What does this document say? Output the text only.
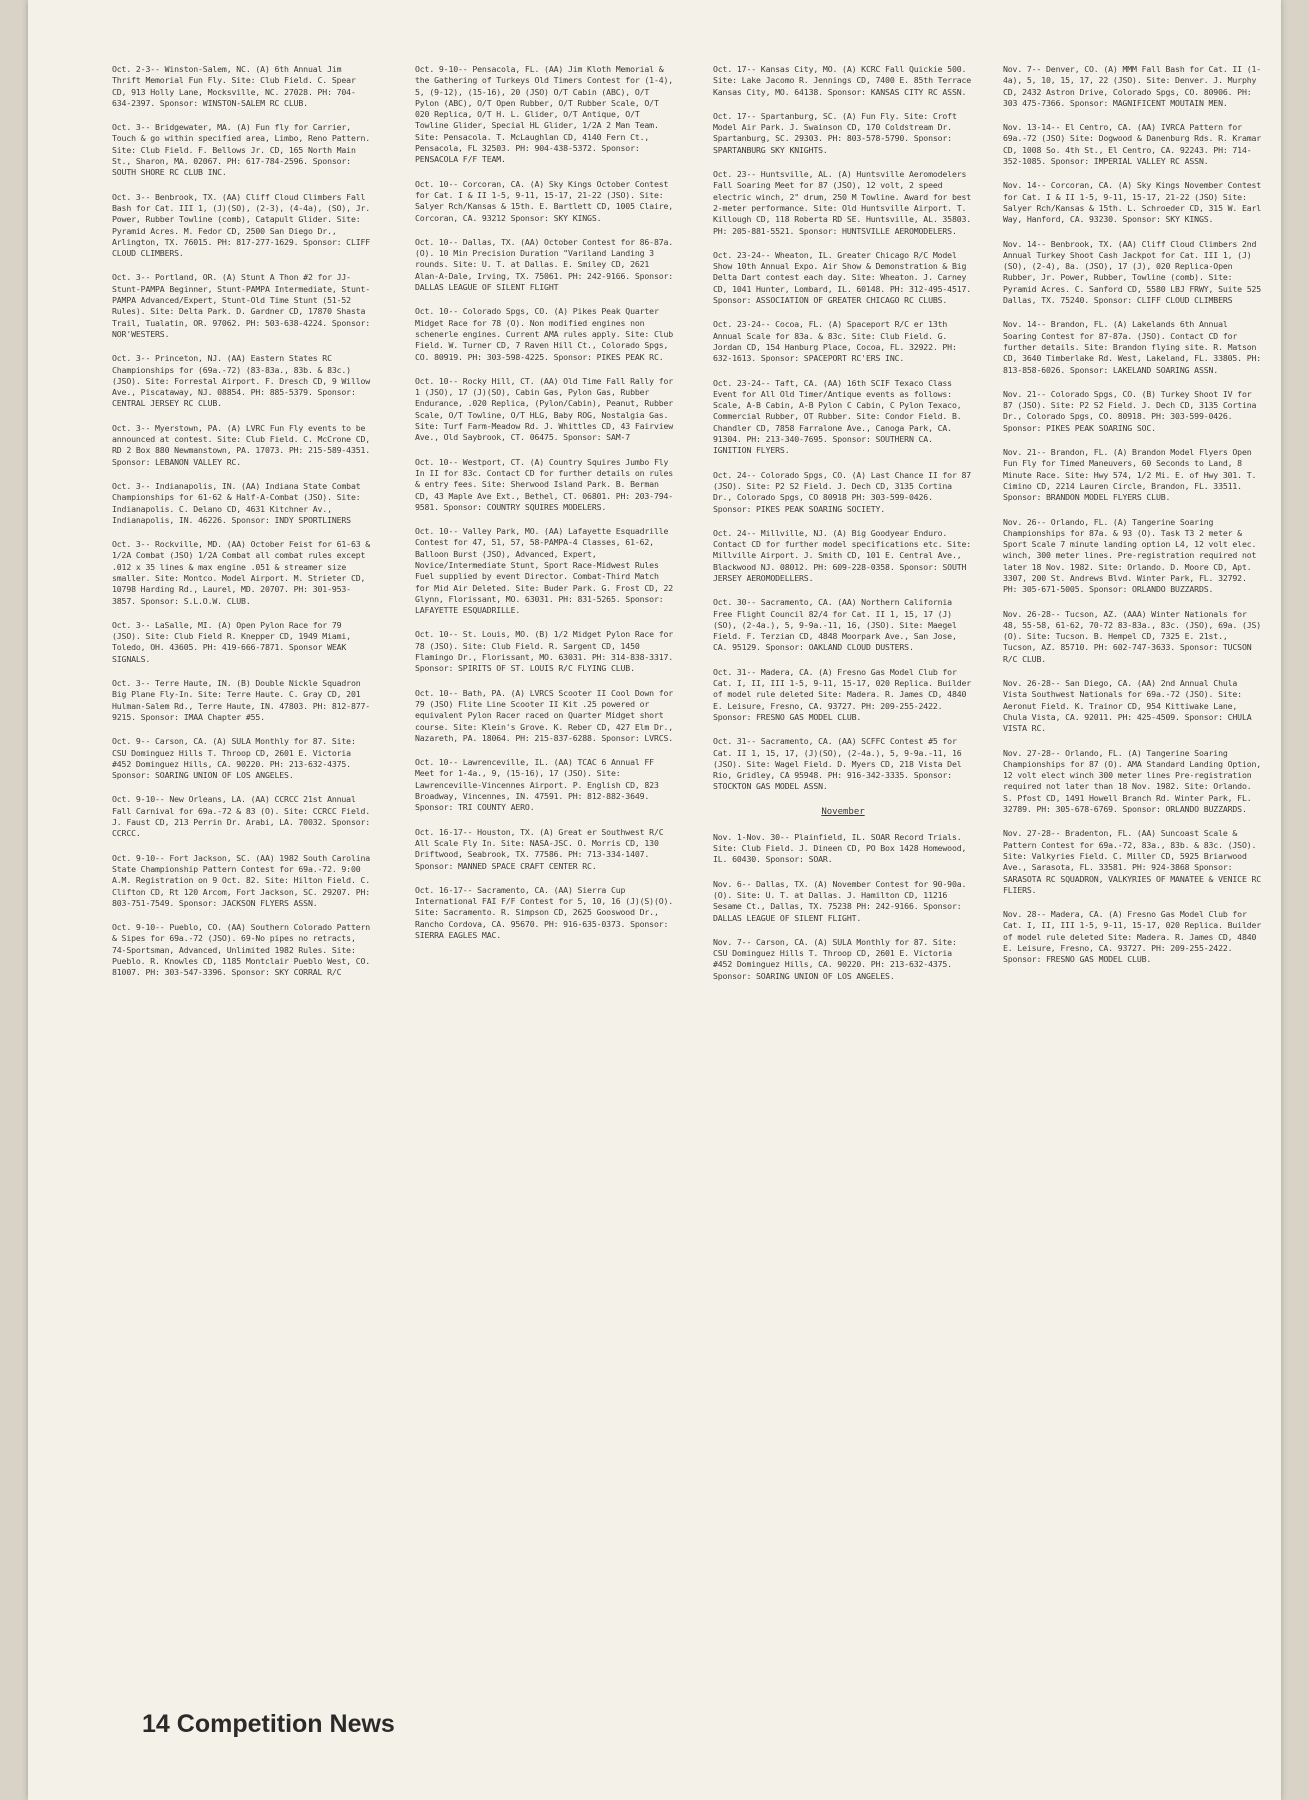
Oct. 2-3-- Winston-Salem, NC. (A) 6th Annual Jim Thrift Memorial Fun Fly. Site: Club Field. C. Spear CD, 913 Holly Lane, Mocksville, NC. 27028. PH: 704-634-2397. Sponsor: WINSTON-SALEM RC CLUB.

Oct. 3-- Bridgewater, MA. (A) Fun fly for Carrier, Touch & go within specified area, Limbo, Reno Pattern. Site: Club Field. F. Bellows Jr. CD, 165 North Main St., Sharon, MA. 02067. PH: 617-784-2596. Sponsor: SOUTH SHORE RC CLUB INC.

Oct. 3-- Benbrook, TX. (AA) Cliff Cloud Climbers Fall Bash for Cat. III 1, (J)(SO), (2-3), (4-4a), (SO), Jr. Power, Rubber Towline (comb), Catapult Glider. Site: Pyramid Acres. M. Fedor CD, 2500 San Diego Dr., Arlington, TX. 76015. PH: 817-277-1629. Sponsor: CLIFF CLOUD CLIMBERS.

Oct. 3-- Portland, OR. (A) Stunt A Thon #2 for JJ-Stunt-PAMPA Beginner, Stunt-PAMPA Intermediate, Stunt-PAMPA Advanced/Expert, Stunt-Old Time Stunt (51-52 Rules). Site: Delta Park. D. Gardner CD, 17870 Shasta Trail, Tualatin, OR. 97062. PH: 503-638-4224. Sponsor: NOR'WESTERS.

Oct. 3-- Princeton, NJ. (AA) Eastern States RC Championships for (69a.-72) (83-83a., 83b. & 83c.) (JSO). Site: Forrestal Airport. F. Dresch CD, 9 Willow Ave., Piscataway, NJ. 08854. PH: 885-5379. Sponsor: CENTRAL JERSEY RC CLUB.

Oct. 3-- Myerstown, PA. (A) LVRC Fun Fly events to be announced at contest. Site: Club Field. C. McCrone CD, RD 2 Box 880 Newmanstown, PA. 17073. PH: 215-589-4351. Sponsor: LEBANON VALLEY RC.

Oct. 3-- Indianapolis, IN. (AA) Indiana State Combat Championships for 61-62 & Half-A-Combat (JSO). Site: Indianapolis. C. Delano CD, 4631 Kitchner Av., Indianapolis, IN. 46226. Sponsor: INDY SPORTLINERS

Oct. 3-- Rockville, MD. (AA) October Feist for 61-63 & 1/2A Combat (JSO) 1/2A Combat all combat rules except .012 x 35 lines & max engine .051 & streamer size smaller. Site: Montco. Model Airport. M. Strieter CD, 10798 Harding Rd., Laurel, MD. 20707. PH: 301-953-3857. Sponsor: S.L.O.W. CLUB.

Oct. 3-- LaSalle, MI. (A) Open Pylon Race for 79 (JSO). Site: Club Field R. Knepper CD, 1949 Miami, Toledo, OH. 43605. PH: 419-666-7871. Sponsor WEAK SIGNALS.

Oct. 3-- Terre Haute, IN. (B) Double Nickle Squadron Big Plane Fly-In. Site: Terre Haute. C. Gray CD, 201 Hulman-Salem Rd., Terre Haute, IN. 47803. PH: 812-877-9215. Sponsor: IMAA Chapter #55.

Oct. 9-- Carson, CA. (A) SULA Monthly for 87. Site: CSU Dominguez Hills T. Throop CD, 2601 E. Victoria #452 Dominguez Hills, CA. 90220. PH: 213-632-4375. Sponsor: SOARING UNION OF LOS ANGELES.

Oct. 9-10-- New Orleans, LA. (AA) CCRCC 21st Annual Fall Carnival for 69a.-72 & 83 (O). Site: CCRCC Field. J. Faust CD, 213 Perrin Dr. Arabi, LA. 70032. Sponsor: CCRCC.

Oct. 9-10-- Fort Jackson, SC. (AA) 1982 South Carolina State Championship Pattern Contest for 69a.-72. 9:00 A.M. Registration on 9 Oct. 82. Site: Hilton Field. C. Clifton CD, Rt 120 Arcom, Fort Jackson, SC. 29207. PH: 803-751-7549. Sponsor: JACKSON FLYERS ASSN.

Oct. 9-10-- Pueblo, CO. (AA) Southern Colorado Pattern & Sipes for 69a.-72 (JSO). 69-No pipes no retracts, 74-Sportsman, Advanced, Unlimited 1982 Rules. Site: Pueblo. R. Knowles CD, 1185 Montclair Pueblo West, CO. 81007. PH: 303-547-3396. Sponsor: SKY CORRAL R/C

Oct. 9-10-- Pensacola, FL. (AA) Jim Kloth Memorial & the Gathering of Turkeys Old Timers Contest for (1-4), 5, (9-12), (15-16), 20 (JSO) O/T Cabin (ABC), O/T Pylon (ABC), O/T Open Rubber, O/T Rubber Scale, O/T 020 Replica, O/T H. L. Glider, O/T Antique, O/T Towline Glider, Special HL Glider, 1/2A 2 Man Team. Site: Pensacola. T. McLaughlan CD, 4140 Fern Ct., Pensacola, FL 32503. PH: 904-438-5372. Sponsor: PENSACOLA F/F TEAM.

Oct. 10-- Corcoran, CA. (A) Sky Kings October Contest for Cat. I & II 1-5, 9-11, 15-17, 21-22 (JSO). Site: Salyer Rch/Kansas & 15th. E. Bartlett CD, 1005 Claire, Corcoran, CA. 93212 Sponsor: SKY KINGS.

Oct. 10-- Dallas, TX. (AA) October Contest for 86-87a. (O). 10 Min Precision Duration "Variland Landing 3 rounds. Site: U. T. at Dallas. E. Smiley CD, 2621 Alan-A-Dale, Irving, TX. 75061. PH: 242-9166. Sponsor: DALLAS LEAGUE OF SILENT FLIGHT

Oct. 10-- Colorado Spgs, CO. (A) Pikes Peak Quarter Midget Race for 78 (O). Non modified engines non schenerle engines. Current AMA rules apply. Site: Club Field. W. Turner CD, 7 Raven Hill Ct., Colorado Spgs, CO. 80919. PH: 303-598-4225. Sponsor: PIKES PEAK RC.

Oct. 10-- Rocky Hill, CT. (AA) Old Time Fall Rally for 1 (JSO), 17 (J)(SO), Cabin Gas, Pylon Gas, Rubber Endurance, .020 Replica, (Pylon/Cabin), Peanut, Rubber Scale, O/T Towline, O/T HLG, Baby ROG, Nostalgia Gas. Site: Turf Farm-Meadow Rd. J. Whittles CD, 43 Fairview Ave., Old Saybrook, CT. 06475. Sponsor: SAM-7

Oct. 10-- Westport, CT. (A) Country Squires Jumbo Fly In II for 83c. Contact CD for further details on rules & entry fees. Site: Sherwood Island Park. B. Berman CD, 43 Maple Ave Ext., Bethel, CT. 06801. PH: 203-794-9581. Sponsor: COUNTRY SQUIRES MODELERS.

Oct. 10-- Valley Park, MO. (AA) Lafayette Esquadrille Contest for 47, 51, 57, 58-PAMPA-4 Classes, 61-62, Balloon Burst (JSO), Advanced, Expert, Novice/Intermediate Stunt, Sport Race-Midwest Rules Fuel supplied by event Director. Combat-Third Match for Mid Air Deleted. Site: Buder Park. G. Frost CD, 22 Glynn, Florissant, MO. 63031. PH: 831-5265. Sponsor: LAFAYETTE ESQUADRILLE.

Oct. 10-- St. Louis, MO. (B) 1/2 Midget Pylon Race for 78 (JSO). Site: Club Field. R. Sargent CD, 1450 Flamingo Dr., Florissant, MO. 63031. PH: 314-838-3317. Sponsor: SPIRITS OF ST. LOUIS R/C FLYING CLUB.

Oct. 10-- Bath, PA. (A) LVRCS Scooter II Cool Down for 79 (JSO) Flite Line Scooter II Kit .25 powered or equivalent Pylon Racer raced on Quarter Midget short course. Site: Klein's Grove. K. Reber CD, 427 Elm Dr., Nazareth, PA. 18064. PH: 215-837-6288. Sponsor: LVRCS.

Oct. 10-- Lawrenceville, IL. (AA) TCAC 6 Annual FF Meet for 1-4a., 9, (15-16), 17 (JSO). Site: Lawrenceville-Vincennes Airport. P. English CD, 823 Broadway, Vincennes, IN. 47591. PH: 812-882-3649. Sponsor: TRI COUNTY AERO.

Oct. 16-17-- Houston, TX. (A) Great er Southwest R/C All Scale Fly In. Site: NASA-JSC. O. Morris CD, 130 Driftwood, Seabrook, TX. 77586. PH: 713-334-1407. Sponsor: MANNED SPACE CRAFT CENTER RC.

Oct. 16-17-- Sacramento, CA. (AA) Sierra Cup International FAI F/F Contest for 5, 10, 16 (J)(S)(O). Site: Sacramento. R. Simpson CD, 2625 Gooswood Dr., Rancho Cordova, CA. 95670. PH: 916-635-0373. Sponsor: SIERRA EAGLES MAC.

Oct. 17-- Kansas City, MO. (A) KCRC Fall Quickie 500. Site: Lake Jacomo R. Jennings CD, 7400 E. 85th Terrace Kansas City, MO. 64138. Sponsor: KANSAS CITY RC ASSN.

Oct. 17-- Spartanburg, SC. (A) Fun Fly. Site: Croft Model Air Park. J. Swainson CD, 170 Coldstream Dr. Spartanburg, SC. 29303. PH: 803-578-5790. Sponsor: SPARTANBURG SKY KNIGHTS.

Oct. 23-- Huntsville, AL. (A) Huntsville Aeromodelers Fall Soaring Meet for 87 (JSO), 12 volt, 2 speed electric winch, 2" drum, 250 M Towline. Award for best 2-meter performance. Site: Old Huntsville Airport. T. Killough CD, 118 Roberta RD SE. Huntsville, AL. 35803. PH: 205-881-5521. Sponsor: HUNTSVILLE AEROMODELERS.

Oct. 23-24-- Wheaton, IL. Greater Chicago R/C Model Show 10th Annual Expo. Air Show & Demonstration & Big Delta Dart contest each day. Site: Wheaton. J. Carney CD, 1041 Hunter, Lombard, IL. 60148. PH: 312-495-4517. Sponsor: ASSOCIATION OF GREATER CHICAGO RC CLUBS.

Oct. 23-24-- Cocoa, FL. (A) Spaceport R/C er 13th Annual Scale for 83a. & 83c. Site: Club Field. G. Jordan CD, 154 Hanburg Place, Cocoa, FL. 32922. PH: 632-1613. Sponsor: SPACEPORT RC'ERS INC.

Oct. 23-24-- Taft, CA. (AA) 16th SCIF Texaco Class Event for All Old Timer/Antique events as follows: Scale, A-B Cabin, A-B Pylon C Cabin, C Pylon Texaco, Commercial Rubber, OT Rubber. Site: Condor Field. B. Chandler CD, 7858 Farralone Ave., Canoga Park, CA. 91304. PH: 213-340-7695. Sponsor: SOUTHERN CA. IGNITION FLYERS.

Oct. 24-- Colorado Spgs, CO. (A) Last Chance II for 87 (JSO). Site: P2 S2 Field. J. Dech CD, 3135 Cortina Dr., Colorado Spgs, CO 80918 PH: 303-599-0426. Sponsor: PIKES PEAK SOARING SOCIETY.

Oct. 24-- Millville, NJ. (A) Big Goodyear Enduro. Contact CD for further model specifications etc. Site: Millville Airport. J. Smith CD, 101 E. Central Ave., Blackwood NJ. 08012. PH: 609-228-0358. Sponsor: SOUTH JERSEY AEROMODELLERS.

Oct. 30-- Sacramento, CA. (AA) Northern California Free Flight Council 82/4 for Cat. II 1, 15, 17 (J) (SO), (2-4a.), 5, 9-9a.-11, 16, (JSO). Site: Maegel Field. F. Terzian CD, 4848 Moorpark Ave., San Jose, CA. 95129. Sponsor: OAKLAND CLOUD DUSTERS.

Oct. 31-- Madera, CA. (A) Fresno Gas Model Club for Cat. I, II, III 1-5, 9-11, 15-17, 020 Replica. Builder of model rule deleted Site: Madera. R. James CD, 4840 E. Leisure, Fresno, CA. 93727. PH: 209-255-2422. Sponsor: FRESNO GAS MODEL CLUB.

Oct. 31-- Sacramento, CA. (AA) SCFFC Contest #5 for Cat. II 1, 15, 17, (J)(SO), (2-4a.), 5, 9-9a.-11, 16 (JSO). Site: Wagel Field. D. Myers CD, 218 Vista Del Rio, Gridley, CA 95948. PH: 916-342-3335. Sponsor: STOCKTON GAS MODEL ASSN.

November

Nov. 1-Nov. 30-- Plainfield, IL. SOAR Record Trials. Site: Club Field. J. Dineen CD, PO Box 1428 Homewood, IL. 60430. Sponsor: SOAR.

Nov. 6-- Dallas, TX. (A) November Contest for 90-90a. (O). Site: U. T. at Dallas. J. Hamilton CD, 11216 Sesame Ct., Dallas, TX. 75238 PH: 242-9166. Sponsor: DALLAS LEAGUE OF SILENT FLIGHT.

Nov. 7-- Carson, CA. (A) SULA Monthly for 87. Site: CSU Dominguez Hills T. Throop CD, 2601 E. Victoria #452 Dominguez Hills, CA. 90220. PH: 213-632-4375. Sponsor: SOARING UNION OF LOS ANGELES.

Nov. 7-- Denver, CO. (A) MMM Fall Bash for Cat. II (1-4a), 5, 10, 15, 17, 22 (JSO). Site: Denver. J. Murphy CD, 2432 Astron Drive, Colorado Spgs, CO. 80906. PH: 303 475-7366. Sponsor: MAGNIFICENT MOUTAIN MEN.

Nov. 13-14-- El Centro, CA. (AA) IVRCA Pattern for 69a.-72 (JSO) Site: Dogwood & Danenburg Rds. R. Kramar CD, 1008 So. 4th St., El Centro, CA. 92243. PH: 714-352-1085. Sponsor: IMPERIAL VALLEY RC ASSN.

Nov. 14-- Corcoran, CA. (A) Sky Kings November Contest for Cat. I & II 1-5, 9-11, 15-17, 21-22 (JSO) Site: Salyer Rch/Kansas & 15th. L. Schroeder CD, 315 W. Earl Way, Hanford, CA. 93230. Sponsor: SKY KINGS.

Nov. 14-- Benbrook, TX. (AA) Cliff Cloud Climbers 2nd Annual Turkey Shoot Cash Jackpot for Cat. III 1, (J)(SO), (2-4), 8a. (JSO), 17 (J), 020 Replica-Open Rubber, Jr. Power, Rubber, Towline (comb). Site: Pyramid Acres. C. Sanford CD, 5580 LBJ FRWY, Suite 525 Dallas, TX. 75240. Sponsor: CLIFF CLOUD CLIMBERS

Nov. 14-- Brandon, FL. (A) Lakelands 6th Annual Soaring Contest for 87-87a. (JSO). Contact CD for further details. Site: Brandon flying site. R. Matson CD, 3640 Timberlake Rd. West, Lakeland, FL. 33805. PH: 813-858-6026. Sponsor: LAKELAND SOARING ASSN.

Nov. 21-- Colorado Spgs, CO. (B) Turkey Shoot IV for 87 (JSO). Site: P2 S2 Field. J. Dech CD, 3135 Cortina Dr., Colorado Spgs, CO. 80918. PH: 303-599-0426. Sponsor: PIKES PEAK SOARING SOC.

Nov. 21-- Brandon, FL. (A) Brandon Model Flyers Open Fun Fly for Timed Maneuvers, 60 Seconds to Land, 8 Minute Race. Site: Hwy 574, 1/2 Mi. E. of Hwy 301. T. Cimino CD, 2214 Lauren Circle, Brandon, FL. 33511. Sponsor: BRANDON MODEL FLYERS CLUB.

Nov. 26-- Orlando, FL. (A) Tangerine Soaring Championships for 87a. & 93 (O). Task T3 2 meter & Sport Scale 7 minute landing option L4, 12 volt elec. winch, 300 meter lines. Pre-registration required not later 18 Nov. 1982. Site: Orlando. D. Moore CD, Apt. 3307, 200 St. Andrews Blvd. Winter Park, FL. 32792. PH: 305-671-5005. Sponsor: ORLANDO BUZZARDS.

Nov. 26-28-- Tucson, AZ. (AAA) Winter Nationals for 48, 55-58, 61-62, 70-72 83-83a., 83c. (JSO), 69a. (JS)(O). Site: Tucson. B. Hempel CD, 7325 E. 21st., Tucson, AZ. 85710. PH: 602-747-3633. Sponsor: TUCSON R/C CLUB.

Nov. 26-28-- San Diego, CA. (AA) 2nd Annual Chula Vista Southwest Nationals for 69a.-72 (JSO). Site: Aeronut Field. K. Trainor CD, 954 Kittiwake Lane, Chula Vista, CA. 92011. PH: 425-4509. Sponsor: CHULA VISTA RC.

Nov. 27-28-- Orlando, FL. (A) Tangerine Soaring Championships for 87 (O). AMA Standard Landing Option, 12 volt elect winch 300 meter lines Pre-registration required not later than 18 Nov. 1982. Site: Orlando. S. Pfost CD, 1491 Howell Branch Rd. Winter Park, FL. 32789. PH: 305-678-6769. Sponsor: ORLANDO BUZZARDS.

Nov. 27-28-- Bradenton, FL. (AA) Suncoast Scale & Pattern Contest for 69a.-72, 83a., 83b. & 83c. (JSO). Site: Valkyries Field. C. Miller CD, 5925 Briarwood Ave., Sarasota, FL. 33581. PH: 924-3868 Sponsor: SARASOTA RC SQUADRON, VALKYRIES OF MANATEE & VENICE RC FLIERS.

Nov. 28-- Madera, CA. (A) Fresno Gas Model Club for Cat. I, II, III 1-5, 9-11, 15-17, 020 Replica. Builder of model rule deleted Site: Madera. R. James CD, 4840 E. Leisure, Fresno, CA. 93727. PH: 209-255-2422. Sponsor: FRESNO GAS MODEL CLUB.

14 Competition News
